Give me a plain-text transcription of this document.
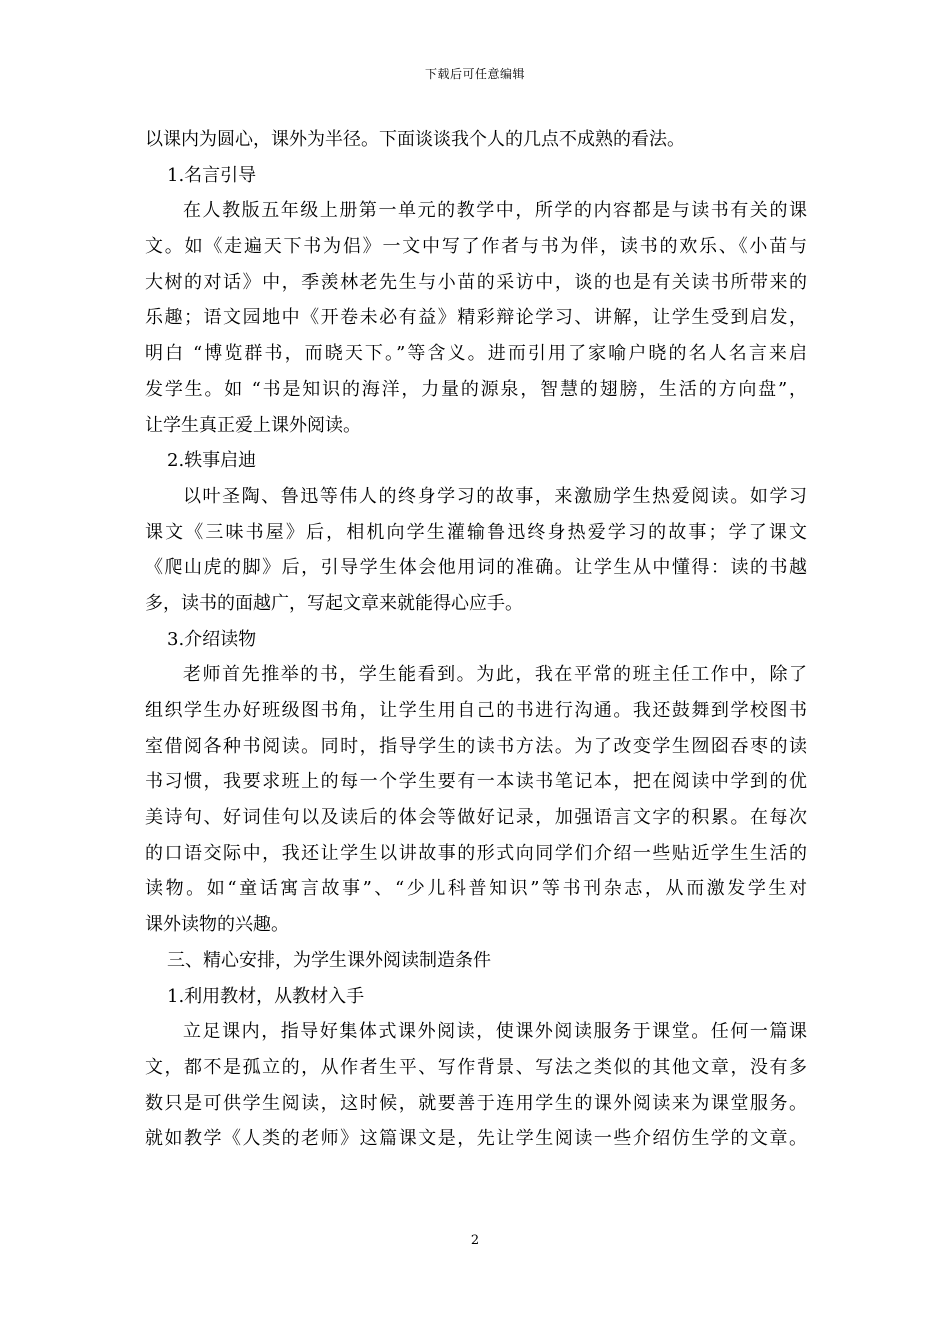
下载后可任意编辑
以课内为圆心，课外为半径。下面谈谈我个人的几点不成熟的看法。
1.名言引导
在人教版五年级上册第一单元的教学中，所学的内容都是与读书有关的课
文。如《走遍天下书为侣》一文中写了作者与书为伴，读书的欢乐、《小苗与
大树的对话》中，季羡林老先生与小苗的采访中，谈的也是有关读书所带来的
乐趣；语文园地中《开卷未必有益》精彩辩论学习、讲解，让学生受到启发，
明白 “博览群书，而晓天下。”等含义。进而引用了家喻户晓的名人名言来启
发学生。如 “书是知识的海洋，力量的源泉，智慧的翅膀，生活的方向盘”，
让学生真正爱上课外阅读。
2.轶事启迪
以叶圣陶、鲁迅等伟人的终身学习的故事，来激励学生热爱阅读。如学习
课文《三味书屋》后，相机向学生灌输鲁迅终身热爱学习的故事；学了课文
《爬山虎的脚》后，引导学生体会他用词的准确。让学生从中懂得：读的书越
多，读书的面越广，写起文章来就能得心应手。
3.介绍读物
老师首先推举的书，学生能看到。为此，我在平常的班主任工作中，除了
组织学生办好班级图书角，让学生用自己的书进行沟通。我还鼓舞到学校图书
室借阅各种书阅读。同时，指导学生的读书方法。为了改变学生囫囵吞枣的读
书习惯，我要求班上的每一个学生要有一本读书笔记本，把在阅读中学到的优
美诗句、好词佳句以及读后的体会等做好记录，加强语言文字的积累。在每次
的口语交际中，我还让学生以讲故事的形式向同学们介绍一些贴近学生生活的
读物。如“童话寓言故事”、“少儿科普知识”等书刊杂志，从而激发学生对
课外读物的兴趣。
三、精心安排，为学生课外阅读制造条件
1.利用教材，从教材入手
立足课内，指导好集体式课外阅读，使课外阅读服务于课堂。任何一篇课
文，都不是孤立的，从作者生平、写作背景、写法之类似的其他文章，没有多
数只是可供学生阅读，这时候，就要善于连用学生的课外阅读来为课堂服务。
就如教学《人类的老师》这篇课文是，先让学生阅读一些介绍仿生学的文章。
2
